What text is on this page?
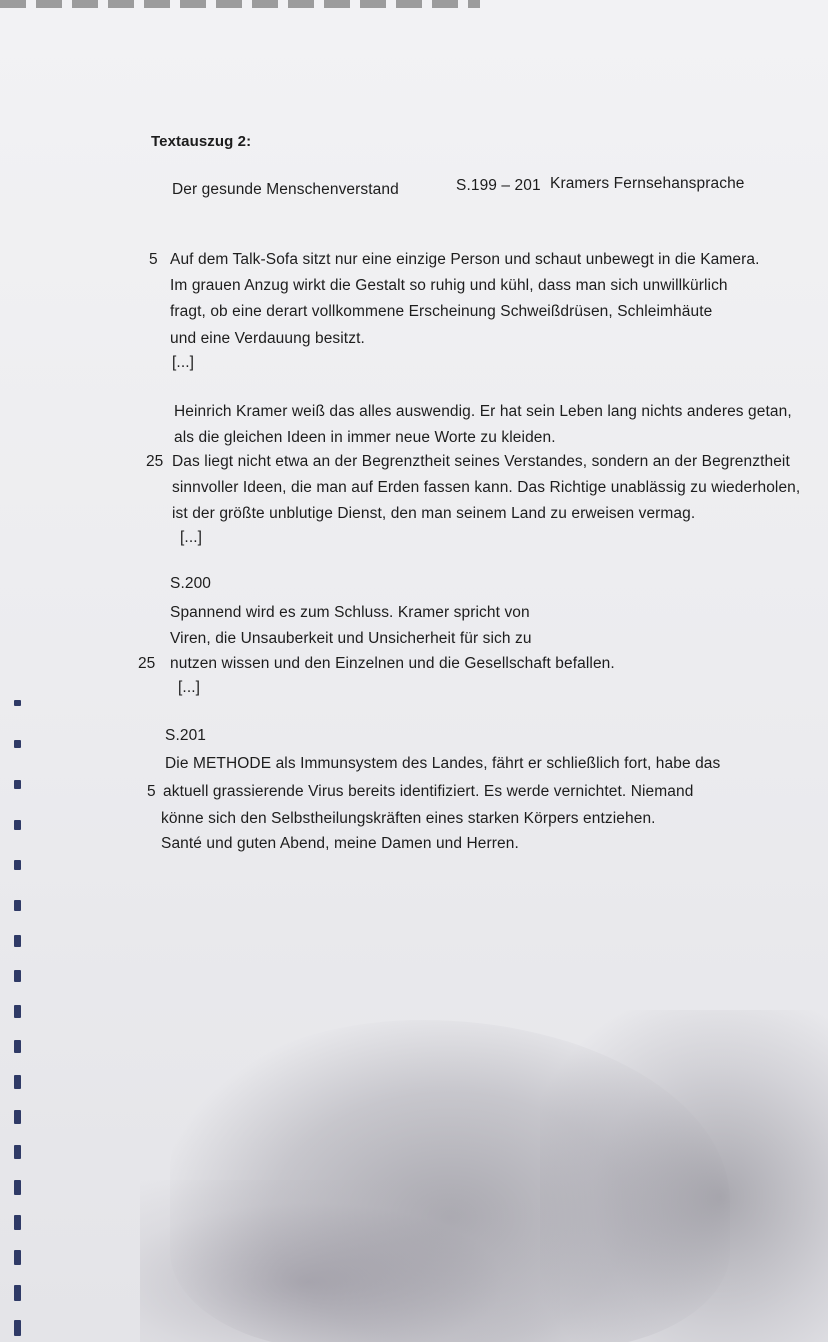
Textauszug 2:
Der gesunde Menschenverstand	S.199 – 201 Kramers Fernsehansprache
5 Auf dem Talk-Sofa sitzt nur eine einzige Person und schaut unbewegt in die Kamera.
Im grauen Anzug wirkt die Gestalt so ruhig und kühl, dass man sich unwillkürlich
fragt, ob eine derart vollkommene Erscheinung Schweißdrüsen, Schleimhäute
und eine Verdauung besitzt.
[...]
Heinrich Kramer weiß das alles auswendig. Er hat sein Leben lang nichts anderes getan,
als die gleichen Ideen in immer neue Worte zu kleiden.
25 Das liegt nicht etwa an der Begrenztheit seines Verstandes, sondern an der Begrenztheit
sinnvoller Ideen, die man auf Erden fassen kann. Das Richtige unablässig zu wiederholen,
ist der größte unblutige Dienst, den man seinem Land zu erweisen vermag.
[...]
S.200
Spannend wird es zum Schluss. Kramer spricht von
Viren, die Unsauberkeit und Unsicherheit für sich zu
25 nutzen wissen und den Einzelnen und die Gesellschaft befallen.
[...]
S.201
Die METHODE als Immunsystem des Landes, fährt er schließlich fort, habe das
5 aktuell grassierende Virus bereits identifiziert. Es werde vernichtet. Niemand
könne sich den Selbstheilungskräften eines starken Körpers entziehen.
Santé und guten Abend, meine Damen und Herren.
